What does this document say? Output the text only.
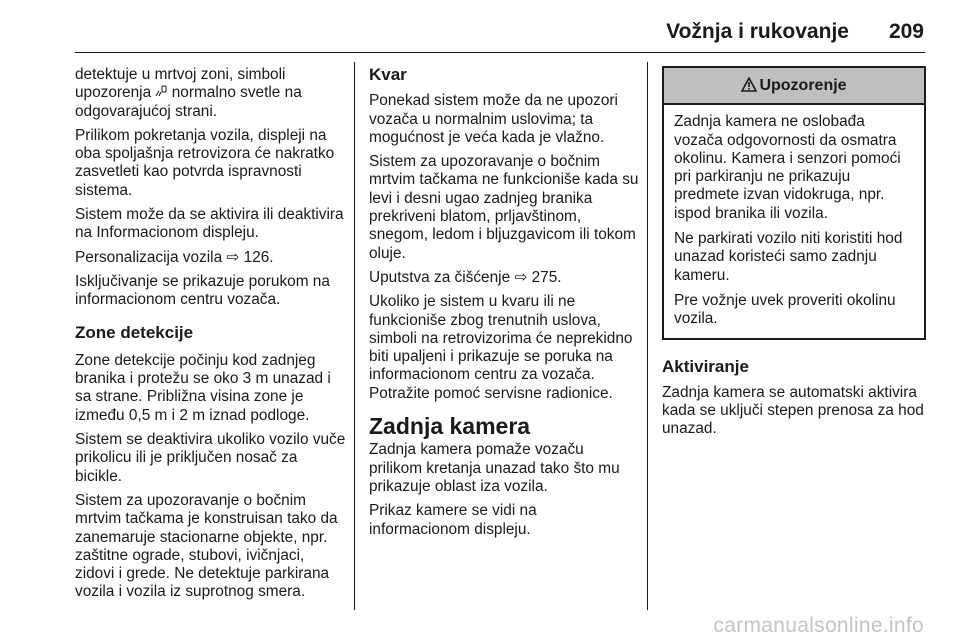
Vožnja i rukovanje 209

detektuje u mrtvoj zoni, simboli upozorenja  normalno svetle na odgovarajućoj strani.

Prilikom pokretanja vozila, displeji na oba spoljašnja retrovizora će nakratko zasvetleti kao potvrda ispravnosti sistema.

Sistem može da se aktivira ili deaktivira na Informacionom displeju.

Personalizacija vozila ⇨ 126.

Isključivanje se prikazuje porukom na informacionom centru vozača.

Zone detekcije

Zone detekcije počinju kod zadnjeg branika i protežu se oko 3 m unazad i sa strane. Približna visina zone je između 0,5 m i 2 m iznad podloge.

Sistem se deaktivira ukoliko vozilo vuče prikolicu ili je priključen nosač za bicikle.

Sistem za upozoravanje o bočnim mrtvim tačkama je konstruisan tako da zanemaruje stacionarne objekte, npr. zaštitne ograde, stubovi, ivičnjaci, zidovi i grede. Ne detektuje parkirana vozila i vozila iz suprotnog smera.

Kvar

Ponekad sistem može da ne upozori vozača u normalnim uslovima; ta mogućnost je veća kada je vlažno.

Sistem za upozoravanje o bočnim mrtvim tačkama ne funkcioniše kada su levi i desni ugao zadnjeg branika prekriveni blatom, prljavštinom, snegom, ledom i bljuzgavicom ili tokom oluje.

Uputstva za čišćenje ⇨ 275.

Ukoliko je sistem u kvaru ili ne funkcioniše zbog trenutnih uslova, simboli na retrovizorima će neprekidno biti upaljeni i prikazuje se poruka na informacionom centru za vozača. Potražite pomoć servisne radionice.

Zadnja kamera

Zadnja kamera pomaže vozaču prilikom kretanja unazad tako što mu prikazuje oblast iza vozila.

Prikaz kamere se vidi na informacionom displeju.

Upozorenje

Zadnja kamera ne oslobađa vozača odgovornosti da osmatra okolinu. Kamera i senzori pomoći pri parkiranju ne prikazuju predmete izvan vidokruga, npr. ispod branika ili vozila.

Ne parkirati vozilo niti koristiti hod unazad koristeći samo zadnju kameru.

Pre vožnje uvek proveriti okolinu vozila.

Aktiviranje

Zadnja kamera se automatski aktivira kada se uključi stepen prenosa za hod unazad.

carmanualsonline.info
